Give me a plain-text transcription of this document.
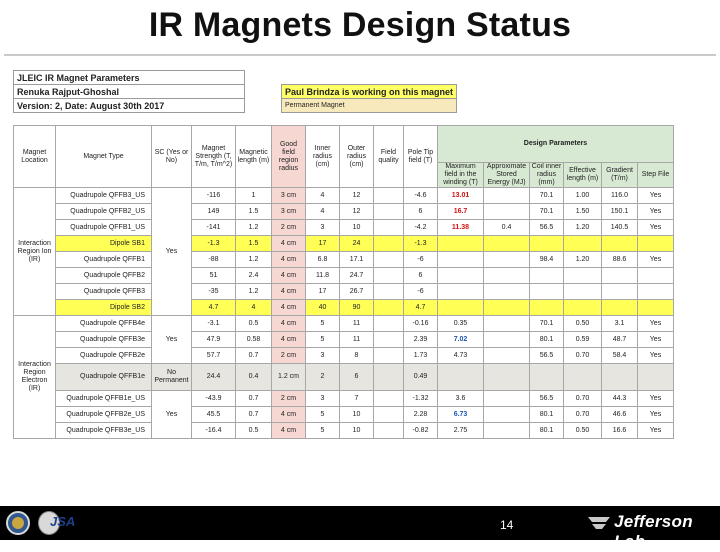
IR Magnets Design Status
JLEIC IR Magnet Parameters		
Renuka Rajput-Ghoshal		Paul Brindza is working on this magnet
Version: 2, Date: August 30th 2017		Permanent Magnet
Magnet Location	Magnet Type	SC (Yes or No)	Magnet Strength (T, T/m, T/m^2)	Magnetic length (m)	Good field region radius	Inner radius (cm)	Outer radius (cm)	Field quality	Pole Tip field (T)	Design Parameters					
										Maximum field in the winding (T)	Approximate Stored Energy (MJ)	Coil inner radius (mm)	Effective length (m)	Gradient (T/m)	Step File
Interaction Region Ion (IR)	Quadrupole QFFB3_US	Yes	-116	1	3 cm	4	12		-4.6	13.01		70.1	1.00	116.0	Yes
	Quadrupole QFFB2_US		149	1.5	3 cm	4	12		6	16.7		70.1	1.50	150.1	Yes
	Quadrupole QFFB1_US		-141	1.2	2 cm	3	10		-4.2	11.38	0.4	56.5	1.20	140.5	Yes
	Dipole SB1		-1.3	1.5	4 cm	17	24		-1.3						
	Quadrupole QFFB1		-88	1.2	4 cm	6.8	17.1		-6			98.4	1.20	88.6	Yes
	Quadrupole QFFB2		51	2.4	4 cm	11.8	24.7		6						
	Quadrupole QFFB3		-35	1.2	4 cm	17	26.7		-6						
	Dipole SB2		4.7	4	4 cm	40	90		4.7						
Interaction Region Electron (IR)	Quadrupole QFFB4e	Yes	-3.1	0.5	4 cm	5	11		-0.16	0.35		70.1	0.50	3.1	Yes
	Quadrupole QFFB3e		47.9	0.58	4 cm	5	11		2.39	7.02		80.1	0.59	48.7	Yes
	Quadrupole QFFB2e		57.7	0.7	2 cm	3	8		1.73	4.73		56.5	0.70	58.4	Yes
	Quadrupole QFFB1e	No Permanent	24.4	0.4	1.2 cm	2	6		0.49						
	Quadrupole QFFB1e_US	Yes	-43.9	0.7	2 cm	3	7		-1.32	3.6		56.5	0.70	44.3	Yes
	Quadrupole QFFB2e_US		45.5	0.7	4 cm	5	10		2.28	6.73		80.1	0.70	46.6	Yes
	Quadrupole QFFB3e_US		-16.4	0.5	4 cm	5	10		-0.82	2.75		80.1	0.50	16.6	Yes
JSA	14	Jefferson Lab
